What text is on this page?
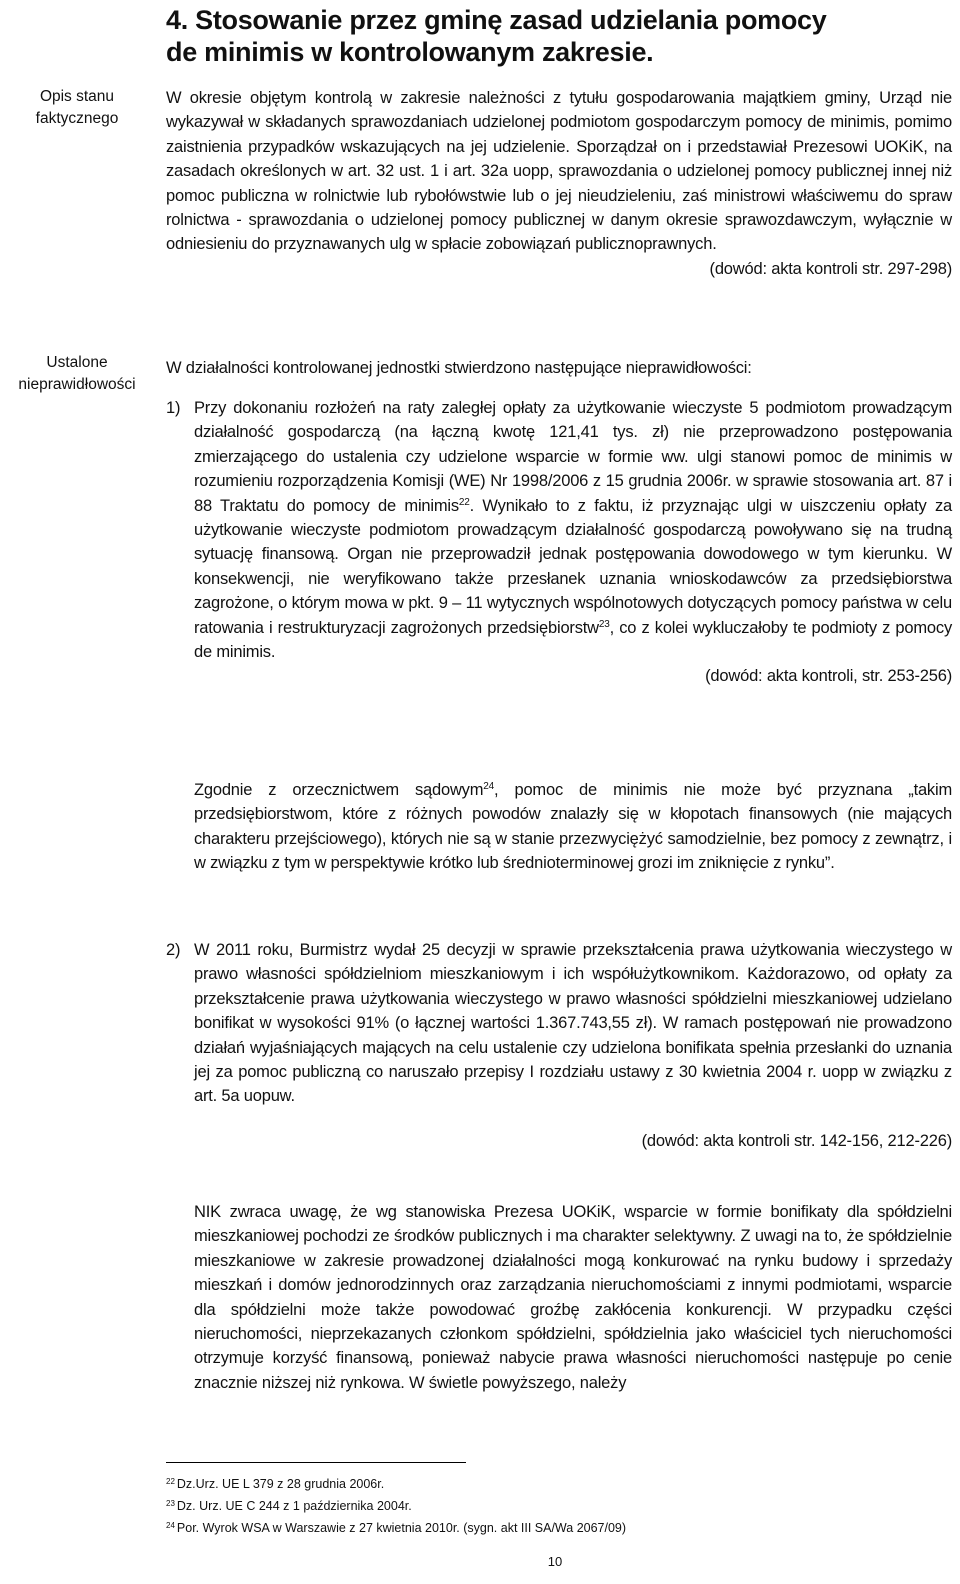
4. Stosowanie przez gminę zasad udzielania pomocy
de minimis w kontrolowanym zakresie.
Opis stanu faktycznego

W okresie objętym kontrolą w zakresie należności z tytułu gospodarowania majątkiem gminy, Urząd nie wykazywał w składanych sprawozdaniach udzielonej podmiotom gospodarczym pomocy de minimis, pomimo zaistnienia przypadków wskazujących na jej udzielenie. Sporządzał on i przedstawiał Prezesowi UOKiK, na zasadach określonych w art. 32 ust. 1 i art. 32a uopp, sprawozdania o udzielonej pomocy publicznej innej niż pomoc publiczna w rolnictwie lub rybołówstwie lub o jej nieudzieleniu, zaś ministrowi właściwemu do spraw rolnictwa - sprawozdania o udzielonej pomocy publicznej w danym okresie sprawozdawczym, wyłącznie w odniesieniu do przyznawanych ulg w spłacie zobowiązań publicznoprawnych.

(dowód: akta kontroli str. 297-298)

Ustalone nieprawidłowości
W działalności kontrolowanej jednostki stwierdzono następujące nieprawidłowości:
1) Przy dokonaniu rozłożeń na raty zaległej opłaty za użytkowanie wieczyste 5 podmiotom prowadzącym działalność gospodarczą (na łączną kwotę 121,41 tys. zł) nie przeprowadzono postępowania zmierzającego do ustalenia czy udzielone wsparcie w formie ww. ulgi stanowi pomoc de minimis w rozumieniu rozporządzenia Komisji (WE) Nr 1998/2006 z 15 grudnia 2006r. w sprawie stosowania art. 87 i 88 Traktatu do pomocy de minimis$^{22}$. Wynikało to z faktu, iż przyznając ulgi w uiszczeniu opłaty za użytkowanie wieczyste podmiotom prowadzącym działalność gospodarczą powoływano się na trudną sytuację finansową. Organ nie przeprowadził jednak postępowania dowodowego w tym kierunku. W konsekwencji, nie weryfikowano także przesłanek uznania wnioskodawców za przedsiębiorstwa zagrożone, o którym mowa w pkt. 9 – 11 wytycznych wspólnotowych dotyczących pomocy państwa w celu ratowania i restrukturyzacji zagrożonych przedsiębiorstw$^{23}$, co z kolei wykluczałoby te podmioty z pomocy de minimis.

(dowód: akta kontroli, str. 253-256)

Zgodnie z orzecznictwem sądowym$^{24}$, pomoc de minimis nie może być przyznana „takim przedsiębiorstwom, które z różnych powodów znalazły się w kłopotach finansowych (nie mających charakteru przejściowego), których nie są w stanie przezwyciężyć samodzielnie, bez pomocy z zewnątrz, i w związku z tym w perspektywie krótko lub średnioterminowej grozi im zniknięcie z rynku”.

2) W 2011 roku, Burmistrz wydał 25 decyzji w sprawie przekształcenia prawa użytkowania wieczystego w prawo własności spółdzielniom mieszkaniowym i ich współużytkownikom. Każdorazowo, od opłaty za przekształcenie prawa użytkowania wieczystego w prawo własności spółdzielni mieszkaniowej udzielano bonifikat w wysokości 91% (o łącznej wartości 1.367.743,55 zł). W ramach postępowań nie prowadzono działań wyjaśniających mających na celu ustalenie czy udzielona bonifikata spełnia przesłanki do uznania jej za pomoc publiczną co naruszało przepisy I rozdziału ustawy z 30 kwietnia 2004 r. uopp w związku z art. 5a uopuw.

(dowód: akta kontroli str. 142-156, 212-226)

NIK zwraca uwagę, że wg stanowiska Prezesa UOKiK, wsparcie w formie bonifikaty dla spółdzielni mieszkaniowej pochodzi ze środków publicznych i ma charakter selektywny. Z uwagi na to, że spółdzielnie mieszkaniowe w zakresie prowadzonej działalności mogą konkurować na rynku budowy i sprzedaży mieszkań i domów jednorodzinnych oraz zarządzania nieruchomościami z innymi podmiotami, wsparcie dla spółdzielni może także powodować groźbę zakłócenia konkurencji. W przypadku części nieruchomości, nieprzekazanych członkom spółdzielni, spółdzielnia jako właściciel tych nieruchomości otrzymuje korzyść finansową, ponieważ nabycie prawa własności nieruchomości następuje po cenie znacznie niższej niż rynkowa. W świetle powyższego, należy

$^{22}$ Dz.Urz. UE L 379 z 28 grudnia 2006r.
$^{23}$ Dz. Urz. UE C 244 z 1 października 2004r.
$^{24}$ Por. Wyrok WSA w Warszawie z 27 kwietnia 2010r. (sygn. akt III SA/Wa 2067/09)
10
